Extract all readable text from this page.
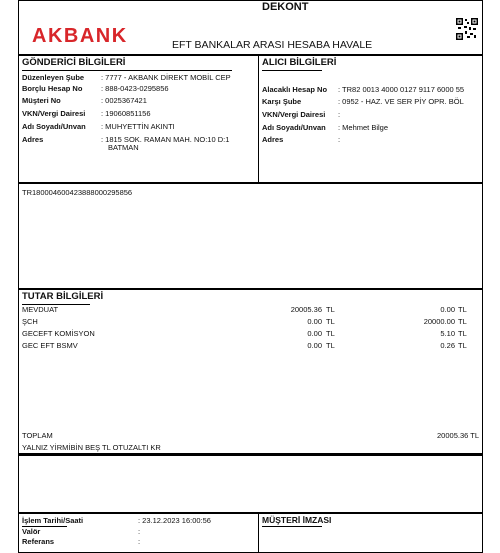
AKBANK
DEKONT
EFT BANKALAR ARASI HESABA HAVALE
GÖNDERİCİ BİLGİLERİ
Düzenleyen Şube : 7777 - AKBANK DİREKT MOBİL CEP
Borçlu Hesap No : 888-0423-0295856
Müşteri No	: 0025367421
VKN/Vergi Dairesi : 19060851156
Adı Soyadı/Unvan : MUHYETTİN AKINTI
Adres	: 1815 SOK. RAMAN MAH. NO:10 D:1
BATMAN
ALICI BİLGİLERİ
Alacaklı Hesap No : TR82 0013 4000 0127 9117 6000 55
Karşı Şube	: 0952 - HAZ. VE SER PİY OPR. BÖL
VKN/Vergi Dairesi :
Adı Soyadı/Unvan : Mehmet Bilge
Adres	:
TR180004600423888000295856
TUTAR BİLGİLERİ
MEVDUAT	20005.36 TL	0.00 TL
ŞCH	0.00 TL	20000.00 TL
GECEFT KOMİSYON	0.00 TL	5.10 TL
GEC EFT BSMV	0.00 TL	0.26 TL
TOPLAM	20005.36 TL
YALNIZ YİRMİBİN BEŞ TL OTUZALTI KR
İşlem Tarihi/Saati	: 23.12.2023 16:00:56
Valör	:
Referans	:
MÜŞTERİ İMZASI
